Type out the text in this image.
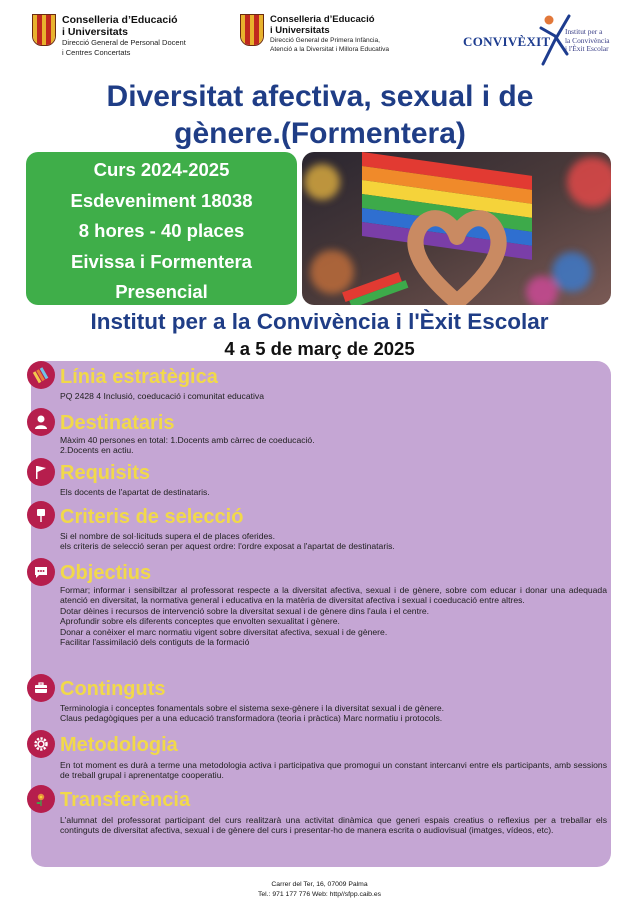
Conselleria d’Educació
i Universitats
Direcció General de Personal Docent
i Centres Concertats
Conselleria d’Educació
i Universitats
Direcció General de Primera Infància,
Atenció a la Diversitat i Millora Educativa
CONVIVÈXIT
Institut per a
la Convivència
i l'Èxit Escolar
Diversitat afectiva, sexual i de
gènere.(Formentera)
Curs 2024-2025
Esdeveniment 18038
8 hores - 40 places
Eivissa i Formentera
Presencial
Institut per a la Convivència i l'Èxit Escolar
4 a 5 de març de 2025
Línia estratègica
PQ 2428 4 Inclusió, coeducació i comunitat educativa
Destinataris
Màxim 40 persones en total: 1.Docents amb càrrec de coeducació.
2.Docents en actiu.
Requisits
Els docents de l'apartat de destinataris.
Criteris de selecció
Si el nombre de sol·licituds supera el de places oferides.
els criteris de selecció seran per aquest ordre: l'ordre exposat a l'apartat de destinataris.
Objectius
Formar; informar i sensibiltzar al professorat respecte a la diversitat afectiva, sexual i de gènere, sobre com educar i donar una adequada atenció en diversitat, la normativa general i educativa en la matèria de diversitat afectiva i sexual i coeducació entre altres.
Dotar dèines i recursos de intervenció sobre la diversitat sexual i de gènere dins l'aula i el centre.
Aprofundir sobre els diferents conceptes que envolten sexualitat i gènere.
Donar a conèixer el marc normatiu vigent sobre diversitat afectiva, sexual i de gènere.
Facilitar l'assimilació dels contiguts de la formació
Continguts
Terminologia i conceptes fonamentals sobre el sistema sexe-gènere i la diversitat sexual i de gènere.
Claus pedagògiques per a una educació transformadora (teoria i pràctica) Marc normatiu i protocols.
Metodologia
En tot moment es durà a terme una metodologia activa i participativa que promogui un constant intercanvi entre els participants, amb sessions de treball grupal i aprenentatge cooperatiu.
Transferència
L'alumnat del professorat participant del curs realitzarà una activitat dinàmica que generi espais creatius o reflexius per a treballar els continguts de diversitat afectiva, sexual i de gènere del curs i presentar-ho de manera escrita o audiovisual (imatges, vídeos, etc).
Carrer del Ter, 16, 07009 Palma
Tel.: 971 177 776 Web: http//sfpp.caib.es
